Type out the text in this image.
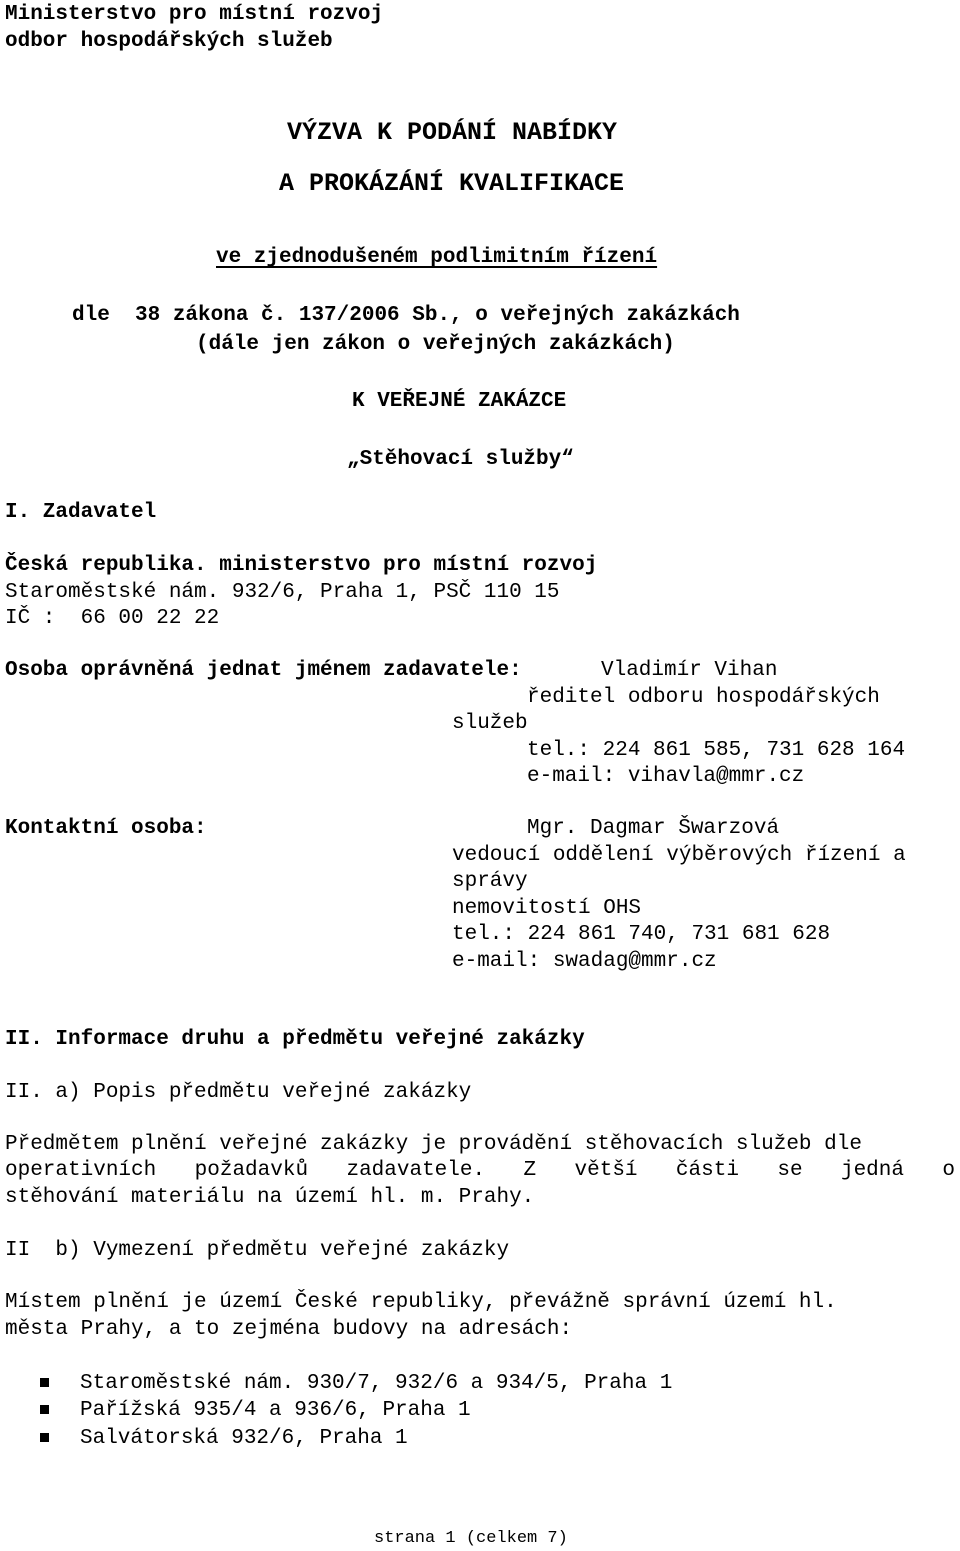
Ministerstvo pro místní rozvoj
odbor hospodářských služeb
VÝZVA K PODÁNÍ NABÍDKY
A PROKÁZÁNÍ KVALIFIKACE
ve zjednodušeném podlimitním řízení
dle  38 zákona č. 137/2006 Sb., o veřejných zakázkách
(dále jen zákon o veřejných zakázkách)
K VEŘEJNÉ ZAKÁZCE
„Stěhovací služby“
I. Zadavatel
Česká republika. ministerstvo pro místní rozvoj
Staroměstské nám. 932/6, Praha 1, PSČ 110 15
IČ :  66 00 22 22
Osoba oprávněná jednat jménem zadavatele:	Vladimír Vihan
ředitel odboru hospodářských
služeb
tel.: 224 861 585, 731 628 164
e-mail: vihavla@mmr.cz
Kontaktní osoba:	Mgr. Dagmar Šwarzová
vedoucí oddělení výběrových řízení a
správy
nemovitostí OHS
tel.: 224 861 740, 731 681 628
e-mail: swadag@mmr.cz
II. Informace druhu a předmětu veřejné zakázky
II. a) Popis předmětu veřejné zakázky
Předmětem plnění veřejné zakázky je provádění stěhovacích služeb dle
operativních požadavků zadavatele. Z větší části se jedná o
stěhování materiálu na území hl. m. Prahy.
II  b) Vymezení předmětu veřejné zakázky
Místem plnění je území České republiky, převážně správní území hl.
města Prahy, a to zejména budovy na adresách:
Staroměstské nám. 930/7, 932/6 a 934/5, Praha 1
Pařížská 935/4 a 936/6, Praha 1
Salvátorská 932/6, Praha 1
strana 1 (celkem 7)
